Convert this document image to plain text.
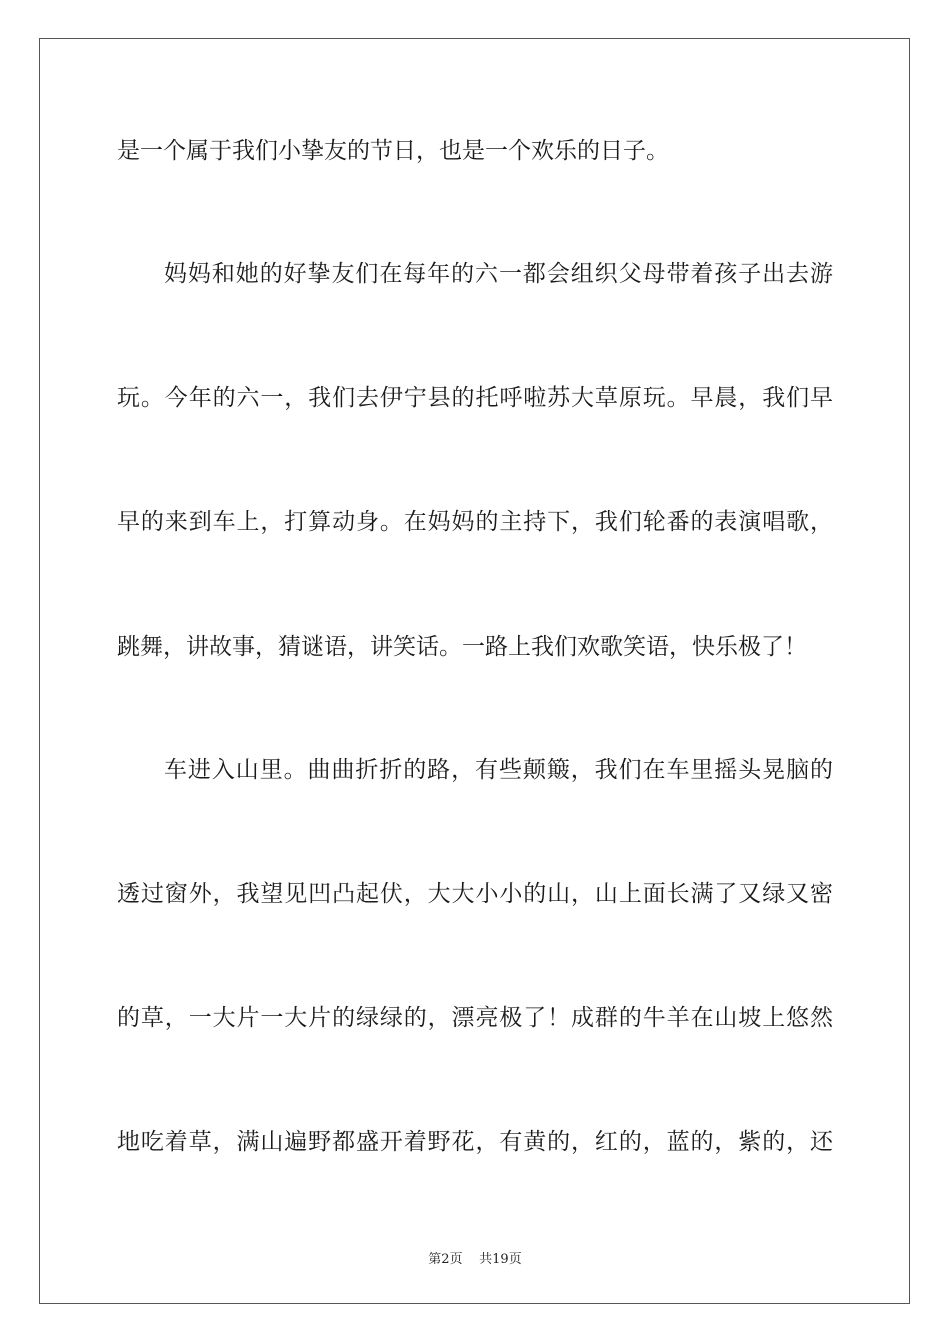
是一个属于我们小挚友的节日，也是一个欢乐的日子。
妈妈和她的好挚友们在每年的六一都会组织父母带着孩子出去游
玩。今年的六一，我们去伊宁县的托呼啦苏大草原玩。早晨，我们早
早的来到车上，打算动身。在妈妈的主持下，我们轮番的表演唱歌，
跳舞，讲故事，猜谜语，讲笑话。一路上我们欢歌笑语，快乐极了！
车进入山里。曲曲折折的路，有些颠簸，我们在车里摇头晃脑的
透过窗外，我望见凹凸起伏，大大小小的山，山上面长满了又绿又密
的草，一大片一大片的绿绿的，漂亮极了！成群的牛羊在山坡上悠然
地吃着草，满山遍野都盛开着野花，有黄的，红的，蓝的，紫的，还
第2页 共19页
